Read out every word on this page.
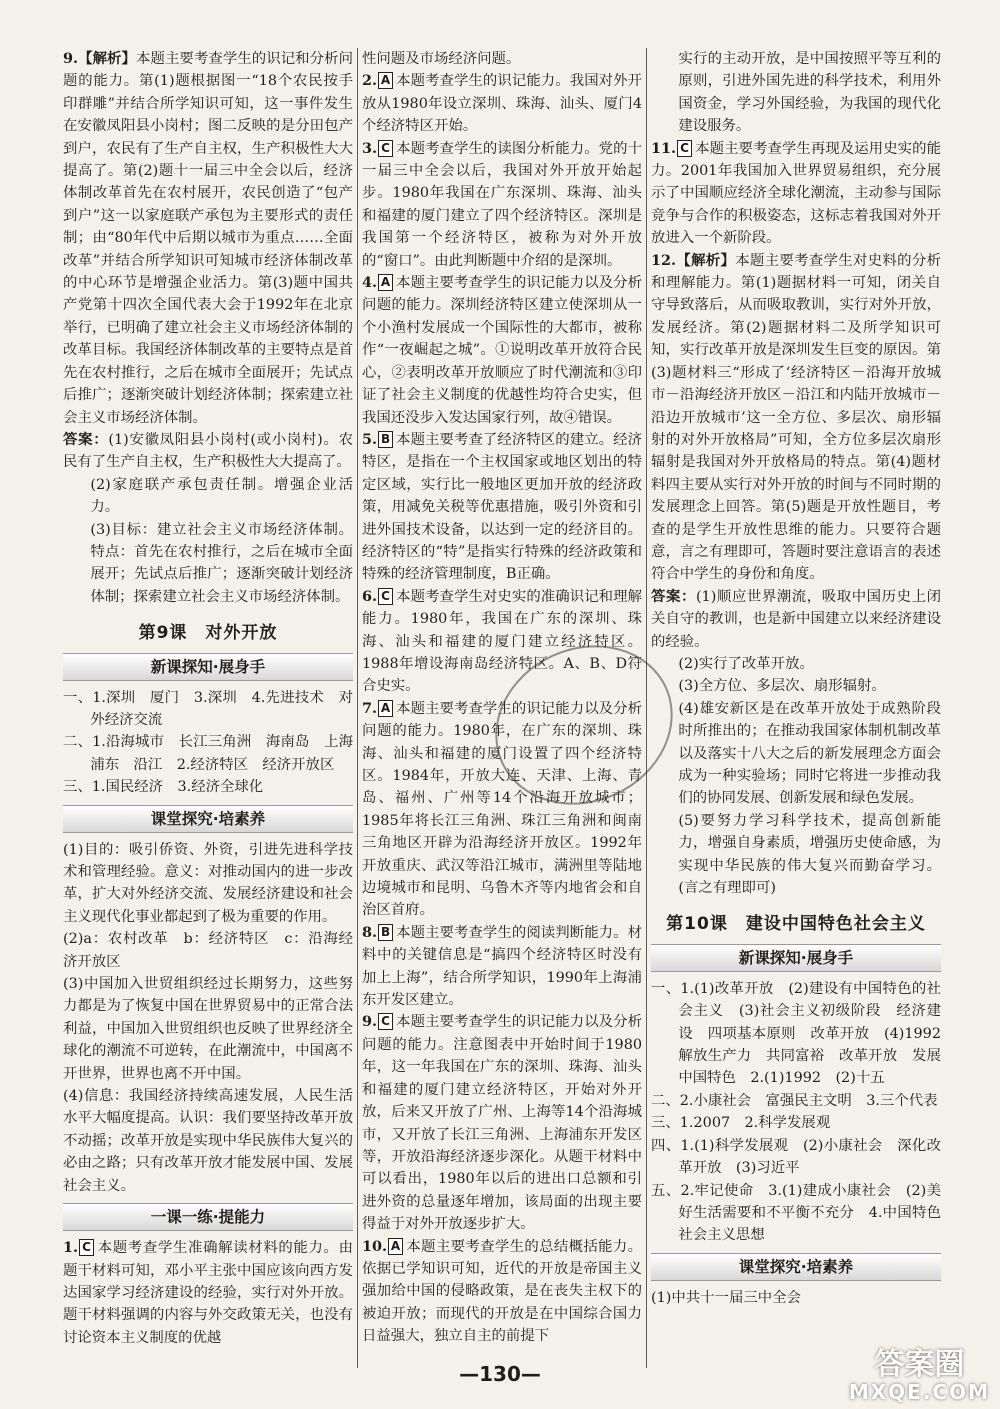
9.【解析】本题主要考查学生的识记和分析问题的能力。第(1)题根据图一“18个农民按手印群雕”并结合所学知识可知，这一事件发生在安徽凤阳县小岗村；图二反映的是分田包产到户，农民有了生产自主权，生产积极性大大提高了。第(2)题十一届三中全会以后，经济体制改革首先在农村展开，农民创造了“包产到户”这一以家庭联产承包为主要形式的责任制；由“80年代中后期以城市为重点……全面改革”并结合所学知识可知城市经济体制改革的中心环节是增强企业活力。第(3)题中国共产党第十四次全国代表大会于1992年在北京举行，已明确了建立社会主义市场经济体制的改革目标。我国经济体制改革的主要特点是首先在农村推行，之后在城市全面展开；先试点后推广；逐渐突破计划经济体制；探索建立社会主义市场经济体制。

答案：(1)安徽凤阳县小岗村(或小岗村)。农民有了生产自主权，生产积极性大大提高了。

(2)家庭联产承包责任制。增强企业活力。

(3)目标：建立社会主义市场经济体制。特点：首先在农村推行，之后在城市全面展开；先试点后推广；逐渐突破计划经济体制；探索建立社会主义市场经济体制。

第9课　对外开放
新课探知·展身手

一、1.深圳　厦门　3.深圳　4.先进技术　对外经济交流

二、1.沿海城市　长江三角洲　海南岛　上海浦东　沿江　2.经济特区　经济开放区

三、1.国民经济　3.经济全球化

课堂探究·培素养

(1)目的：吸引侨资、外资，引进先进科学技术和管理经验。意义：对推动国内的进一步改革，扩大对外经济交流、发展经济建设和社会主义现代化事业都起到了极为重要的作用。

(2)a：农村改革　b：经济特区　c：沿海经济开放区

(3)中国加入世贸组织经过长期努力，这些努力都是为了恢复中国在世界贸易中的正常合法利益，中国加入世贸组织也反映了世界经济全球化的潮流不可逆转，在此潮流中，中国离不开世界，世界也离不开中国。

(4)信息：我国经济持续高速发展，人民生活水平大幅度提高。认识：我们要坚持改革开放不动摇；改革开放是实现中华民族伟大复兴的必由之路；只有改革开放才能发展中国、发展社会主义。

一课一练·提能力

1. C 本题考查学生准确解读材料的能力。由题干材料可知，邓小平主张中国应该向西方发达国家学习经济建设的经验，实行对外开放。题干材料强调的内容与外交政策无关，也没有讨论资本主义制度的优越

性问题及市场经济问题。

2. A 本题考查学生的识记能力。我国对外开放从1980年设立深圳、珠海、汕头、厦门4个经济特区开始。

3. C 本题考查学生的读图分析能力。党的十一届三中全会以后，我国对外开放开始起步。1980年我国在广东深圳、珠海、汕头和福建的厦门建立了四个经济特区。深圳是我国第一个经济特区，被称为对外开放的“窗口”。由此判断题中介绍的是深圳。

4. A 本题主要考查学生的识记能力以及分析问题的能力。深圳经济特区建立使深圳从一个小渔村发展成一个国际性的大都市，被称作“一夜崛起之城”。①说明改革开放符合民心，②表明改革开放顺应了时代潮流和③印证了社会主义制度的优越性均符合史实，但我国还没步入发达国家行列，故④错误。

5. B 本题主要考查了经济特区的建立。经济特区，是指在一个主权国家或地区划出的特定区域，实行比一般地区更加开放的经济政策，用减免关税等优惠措施，吸引外资和引进外国技术设备，以达到一定的经济目的。经济特区的“特”是指实行特殊的经济政策和特殊的经济管理制度，B正确。

6. C 本题考查学生对史实的准确识记和理解能力。1980年，我国在广东的深圳、珠海、汕头和福建的厦门建立经济特区。1988年增设海南岛经济特区。A、B、D符合史实。

7. A 本题主要考查学生的识记能力以及分析问题的能力。1980年，在广东的深圳、珠海、汕头和福建的厦门设置了四个经济特区。1984年，开放大连、天津、上海、青岛、福州、广州等14个沿海开放城市；1985年将长江三角洲、珠江三角洲和闽南三角地区开辟为沿海经济开放区。1992年开放重庆、武汉等沿江城市，满洲里等陆地边境城市和昆明、乌鲁木齐等内地省会和自治区首府。

8. B 本题主要考查学生的阅读判断能力。材料中的关键信息是“搞四个经济特区时没有加上上海”，结合所学知识，1990年上海浦东开发区建立。

9. C 本题主要考查学生的识记能力以及分析问题的能力。注意图表中开始时间于1980年，这一年我国在广东的深圳、珠海、汕头和福建的厦门建立经济特区，开始对外开放，后来又开放了广州、上海等14个沿海城市，又开放了长江三角洲、上海浦东开发区等，开放沿海经济逐步深化。从题干材料中可以看出，1980年以后的进出口总额和引进外资的总量逐年增加，该局面的出现主要得益于对外开放逐步扩大。

10. A 本题主要考查学生的总结概括能力。依据已学知识可知，近代的开放是帝国主义强加给中国的侵略政策，是在丧失主权下的被迫开放；而现代的开放是在中国综合国力日益强大，独立自主的前提下

实行的主动开放，是中国按照平等互利的原则，引进外国先进的科学技术，利用外国资金，学习外国经验，为我国的现代化建设服务。

11. C 本题主要考查学生再现及运用史实的能力。2001年我国加入世界贸易组织，充分展示了中国顺应经济全球化潮流，主动参与国际竞争与合作的积极姿态，这标志着我国对外开放进入一个新阶段。

12.【解析】本题主要考查学生对史料的分析和理解能力。第(1)题据材料一可知，闭关自守导致落后，从而吸取教训，实行对外开放，发展经济。第(2)题据材料二及所学知识可知，实行改革开放是深圳发生巨变的原因。第(3)题材料三“形成了‘经济特区－沿海开放城市－沿海经济开放区－沿江和内陆开放城市－沿边开放城市’这一全方位、多层次、扇形辐射的对外开放格局”可知，全方位多层次扇形辐射是我国对外开放格局的特点。第(4)题材料四主要从实行对外开放的时间与不同时期的发展理念上回答。第(5)题是开放性题目，考查的是学生开放性思维的能力。只要符合题意，言之有理即可，答题时要注意语言的表述符合中学生的身份和角度。

答案：(1)顺应世界潮流，吸取中国历史上闭关自守的教训，也是新中国建立以来经济建设的经验。

(2)实行了改革开放。

(3)全方位、多层次、扇形辐射。

(4)雄安新区是在改革开放处于成熟阶段时所推出的；在推动我国家体制机制改革以及落实十八大之后的新发展理念方面会成为一种实验场；同时它将进一步推动我们的协同发展、创新发展和绿色发展。

(5)要努力学习科学技术，提高创新能力，增强自身素质，增强历史使命感，为实现中华民族的伟大复兴而勤奋学习。(言之有理即可)

第10课　建设中国特色社会主义
新课探知·展身手

一、1.(1)改革开放　(2)建设有中国特色的社会主义　(3)社会主义初级阶段　经济建设　四项基本原则　改革开放　(4)1992　解放生产力　共同富裕　改革开放　发展　中国特色　2.(1)1992　(2)十五

二、2.小康社会　富强民主文明　3.三个代表

三、1.2007　2.科学发展观

四、1.(1)科学发展观　(2)小康社会　深化改革开放　(3)习近平

五、2.牢记使命　3.(1)建成小康社会　(2)美好生活需要和不平衡不充分　4.中国特色社会主义思想

课堂探究·培素养

(1)中共十一届三中全会

—130—	答案圈
MXQE.COM
